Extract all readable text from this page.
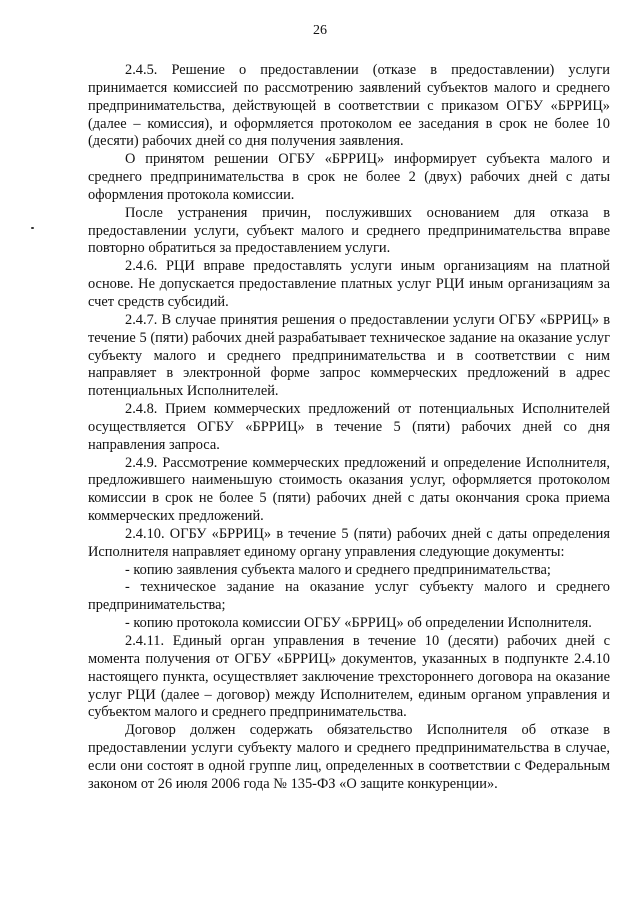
26

2.4.5. Решение о предоставлении (отказе в предоставлении) услуги принимается комиссией по рассмотрению заявлений субъектов малого и среднего предпринимательства, действующей в соответствии с приказом ОГБУ «БРРИЦ» (далее – комиссия), и оформляется протоколом ее заседания в срок не более 10 (десяти) рабочих дней со дня получения заявления.

О принятом решении ОГБУ «БРРИЦ» информирует субъекта малого и среднего предпринимательства в срок не более 2 (двух) рабочих дней с даты оформления протокола комиссии.

После устранения причин, послуживших основанием для отказа в предоставлении услуги, субъект малого и среднего предпринимательства вправе повторно обратиться за предоставлением услуги.

2.4.6. РЦИ вправе предоставлять услуги иным организациям на платной основе. Не допускается предоставление платных услуг РЦИ иным организациям за счет средств субсидий.

2.4.7. В случае принятия решения о предоставлении услуги ОГБУ «БРРИЦ» в течение 5 (пяти) рабочих дней разрабатывает техническое задание на оказание услуг субъекту малого и среднего предпринимательства и в соответствии с ним направляет в электронной форме запрос коммерческих предложений в адрес потенциальных Исполнителей.

2.4.8. Прием коммерческих предложений от потенциальных Исполнителей осуществляется ОГБУ «БРРИЦ» в течение 5 (пяти) рабочих дней со дня направления запроса.

2.4.9. Рассмотрение коммерческих предложений и определение Исполнителя, предложившего наименьшую стоимость оказания услуг, оформляется протоколом комиссии в срок не более 5 (пяти) рабочих дней с даты окончания срока приема коммерческих предложений.

2.4.10. ОГБУ «БРРИЦ» в течение 5 (пяти) рабочих дней с даты определения Исполнителя направляет единому органу управления следующие документы:

- копию заявления субъекта малого и среднего предпринимательства;

- техническое задание на оказание услуг субъекту малого и среднего предпринимательства;

- копию протокола комиссии ОГБУ «БРРИЦ» об определении Исполнителя.

2.4.11. Единый орган управления в течение 10 (десяти) рабочих дней с момента получения от ОГБУ «БРРИЦ» документов, указанных в подпункте 2.4.10 настоящего пункта, осуществляет заключение трехстороннего договора на оказание услуг РЦИ (далее – договор) между Исполнителем, единым органом управления и субъектом малого и среднего предпринимательства.

Договор должен содержать обязательство Исполнителя об отказе в предоставлении услуги субъекту малого и среднего предпринимательства в случае, если они состоят в одной группе лиц, определенных в соответствии с Федеральным законом от 26 июля 2006 года № 135-ФЗ «О защите конкуренции».
